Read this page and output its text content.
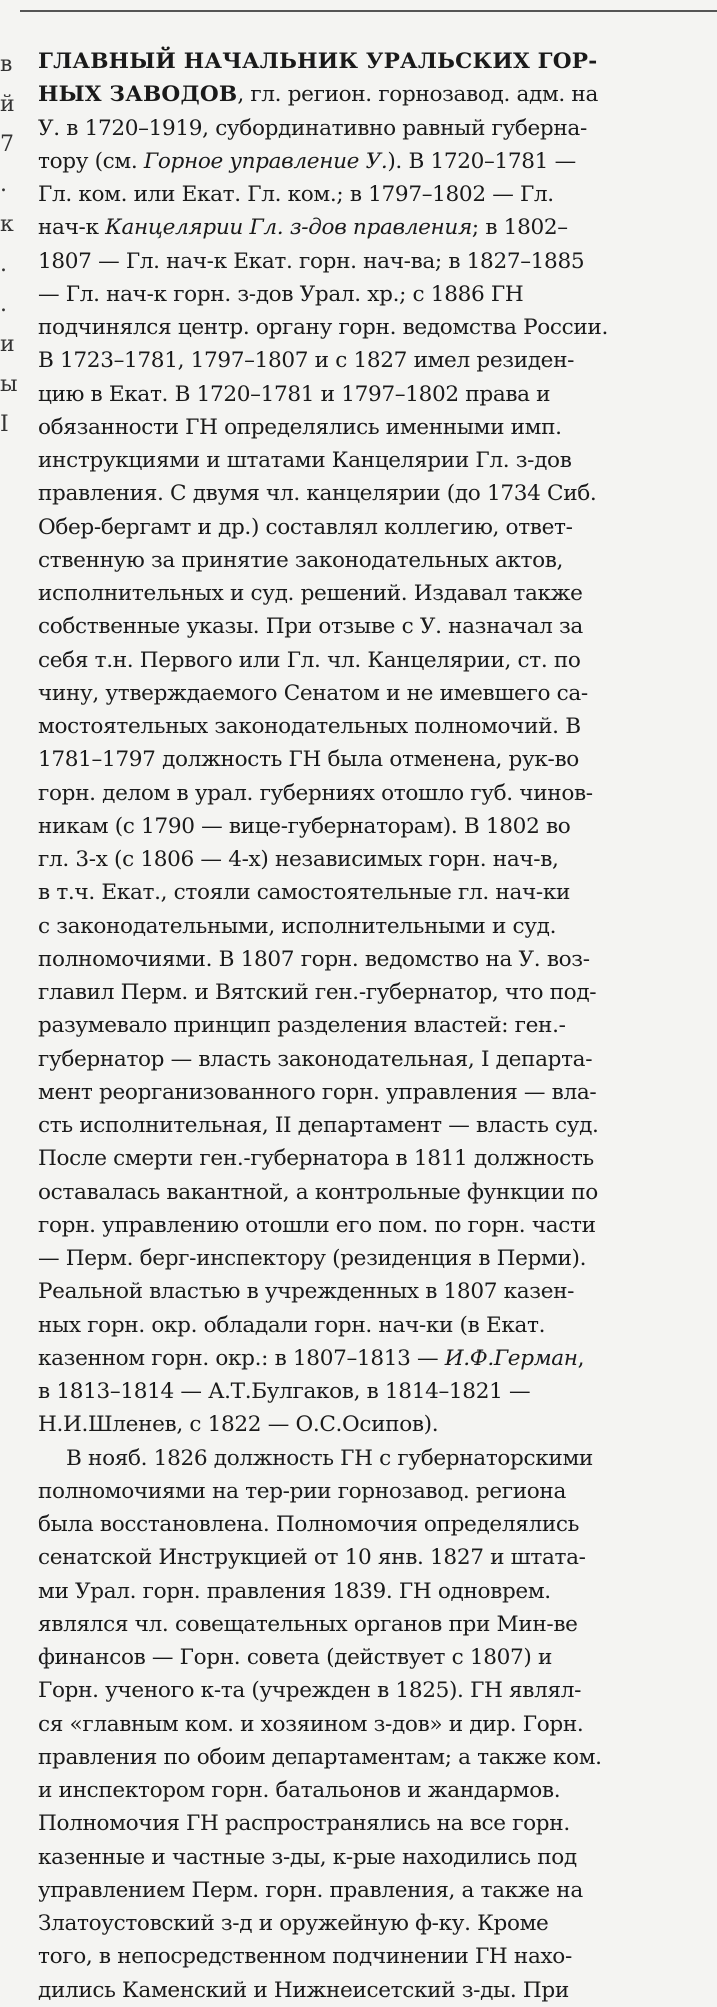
в
й
7
.
к
.
.
и
ы
I
ГЛАВНЫЙ НАЧАЛЬНИК УРАЛЬСКИХ ГОР-
НЫХ ЗАВОДОВ, гл. регион. горнозавод. адм. на
У. в 1720–1919, субординативно равный губерна-
тору (см. Горное управление У.). В 1720–1781 —
Гл. ком. или Екат. Гл. ком.; в 1797–1802 — Гл.
нач-к Канцелярии Гл. з-дов правления; в 1802–
1807 — Гл. нач-к Екат. горн. нач-ва; в 1827–1885
— Гл. нач-к горн. з-дов Урал. хр.; с 1886 ГН
подчинялся центр. органу горн. ведомства России.
В 1723–1781, 1797–1807 и с 1827 имел резиден-
цию в Екат. В 1720–1781 и 1797–1802 права и
обязанности ГН определялись именными имп.
инструкциями и штатами Канцелярии Гл. з-дов
правления. С двумя чл. канцелярии (до 1734 Сиб.
Обер-бергамт и др.) составлял коллегию, ответ-
ственную за принятие законодательных актов,
исполнительных и суд. решений. Издавал также
собственные указы. При отзыве с У. назначал за
себя т.н. Первого или Гл. чл. Канцелярии, ст. по
чину, утверждаемого Сенатом и не имевшего са-
мостоятельных законодательных полномочий. В
1781–1797 должность ГН была отменена, рук-во
горн. делом в урал. губерниях отошло губ. чинов-
никам (с 1790 — вице-губернаторам). В 1802 во
гл. 3-х (с 1806 — 4-х) независимых горн. нач-в,
в т.ч. Екат., стояли самостоятельные гл. нач-ки
с законодательными, исполнительными и суд.
полномочиями. В 1807 горн. ведомство на У. воз-
главил Перм. и Вятский ген.-губернатор, что под-
разумевало принцип разделения властей: ген.-
губернатор — власть законодательная, I департа-
мент реорганизованного горн. управления — вла-
сть исполнительная, II департамент — власть суд.
После смерти ген.-губернатора в 1811 должность
оставалась вакантной, а контрольные функции по
горн. управлению отошли его пом. по горн. части
— Перм. берг-инспектору (резиденция в Перми).
Реальной властью в учрежденных в 1807 казен-
ных горн. окр. обладали горн. нач-ки (в Екат.
казенном горн. окр.: в 1807–1813 — И.Ф.Герман,
в 1813–1814 — А.Т.Булгаков, в 1814–1821 —
Н.И.Шленев, с 1822 — О.С.Осипов).
В нояб. 1826 должность ГН с губернаторскими
полномочиями на тер-рии горнозавод. региона
была восстановлена. Полномочия определялись
сенатской Инструкцией от 10 янв. 1827 и штата-
ми Урал. горн. правления 1839. ГН одноврем.
являлся чл. совещательных органов при Мин-ве
финансов — Горн. совета (действует с 1807) и
Горн. ученого к-та (учрежден в 1825). ГН являл-
ся «главным ком. и хозяином з-дов» и дир. Горн.
правления по обоим департаментам; а также ком.
и инспектором горн. батальонов и жандармов.
Полномочия ГН распространялись на все горн.
казенные и частные з-ды, к-рые находились под
управлением Перм. горн. правления, а также на
Златоустовский з-д и оружейную ф-ку. Кроме
того, в непосредственном подчинении ГН нахо-
дились Каменский и Нижнеисетский з-ды. При
